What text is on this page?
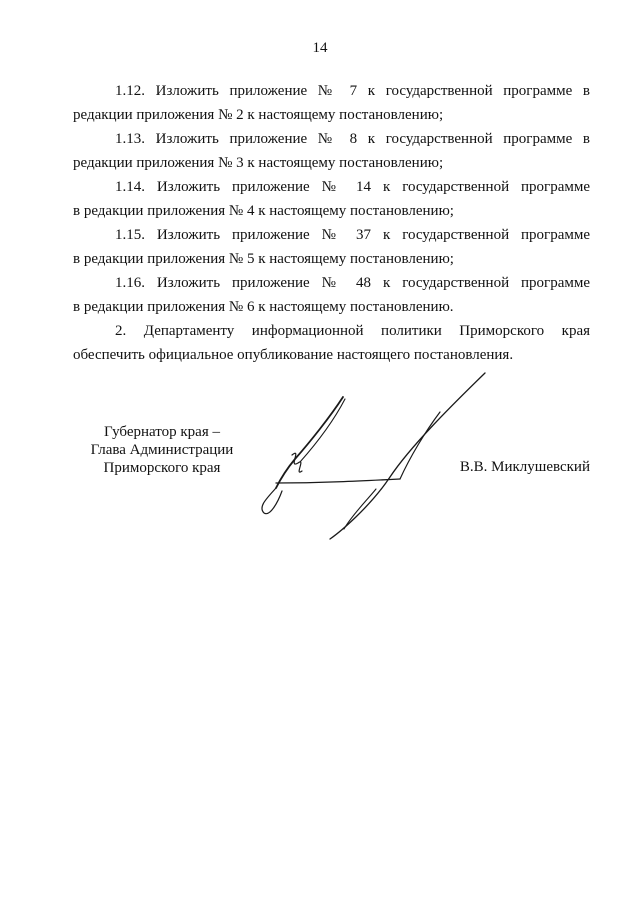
14

1.12. Изложить приложение № 7 к государственной программе в
редакции приложения № 2 к настоящему постановлению;

1.13. Изложить приложение № 8 к государственной программе в
редакции приложения № 3 к настоящему постановлению;

1.14. Изложить приложение № 14 к государственной программе
в редакции приложения № 4 к настоящему постановлению;

1.15. Изложить приложение № 37 к государственной программе
в редакции приложения № 5 к настоящему постановлению;

1.16. Изложить приложение № 48 к государственной программе
в редакции приложения № 6 к настоящему постановлению.

2. Департаменту информационной политики Приморского края
обеспечить официальное опубликование настоящего постановления.

Губернатор края –
Глава Администрации
Приморского края	В.В. Миклушевский
